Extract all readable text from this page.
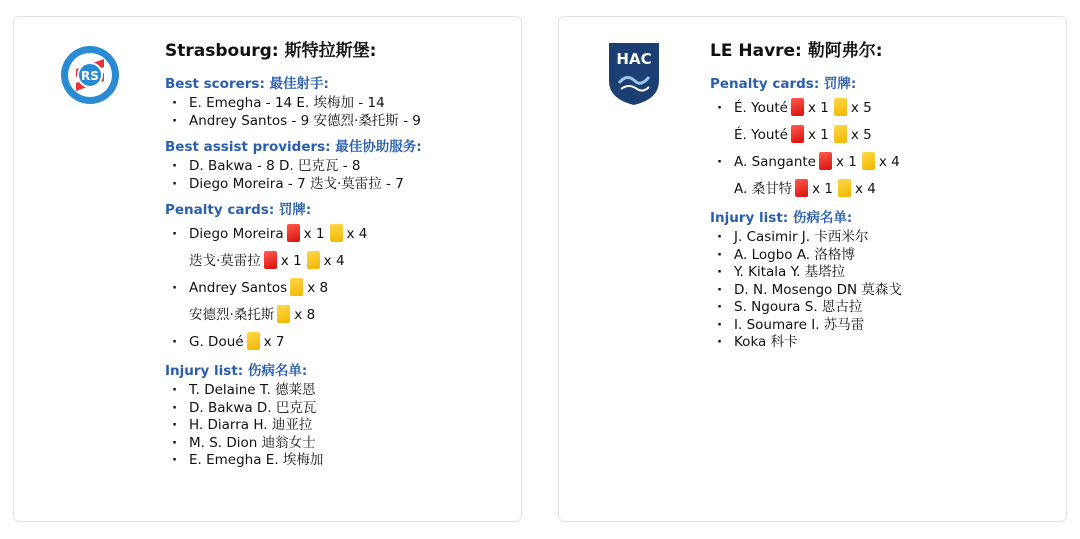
RS
Strasbourg: 斯特拉斯堡:
Best scorers: 最佳射手:
· E. Emegha - 14 E. 埃梅加 - 14
· Andrey Santos - 9 安德烈·桑托斯 - 9
Best assist providers: 最佳协助服务:
· D. Bakwa - 8 D. 巴克瓦 - 8
· Diego Moreira - 7 迭戈·莫雷拉 - 7
Penalty cards: 罚牌:
· Diego Moreira x 1 x 4
迭戈·莫雷拉 x 1 x 4
· Andrey Santos x 8
安德烈·桑托斯 x 8
· G. Doué x 7
Injury list: 伤病名单:
· T. Delaine T. 德莱恩
· D. Bakwa D. 巴克瓦
· H. Diarra H. 迪亚拉
· M. S. Dion 迪翁女士
· E. Emegha E. 埃梅加
HAC	LE Havre: 勒阿弗尔:
Penalty cards: 罚牌:
· É. Youté x 1 x 5
É. Youté x 1 x 5
· A. Sangante x 1 x 4
A. 桑甘特 x 1 x 4
Injury list: 伤病名单:
· J. Casimir J. 卡西米尔
· A. Logbo A. 洛格博
· Y. Kitala Y. 基塔拉
· D. N. Mosengo DN 莫森戈
· S. Ngoura S. 恩古拉
· I. Soumare I. 苏马雷
· Koka 科卡
